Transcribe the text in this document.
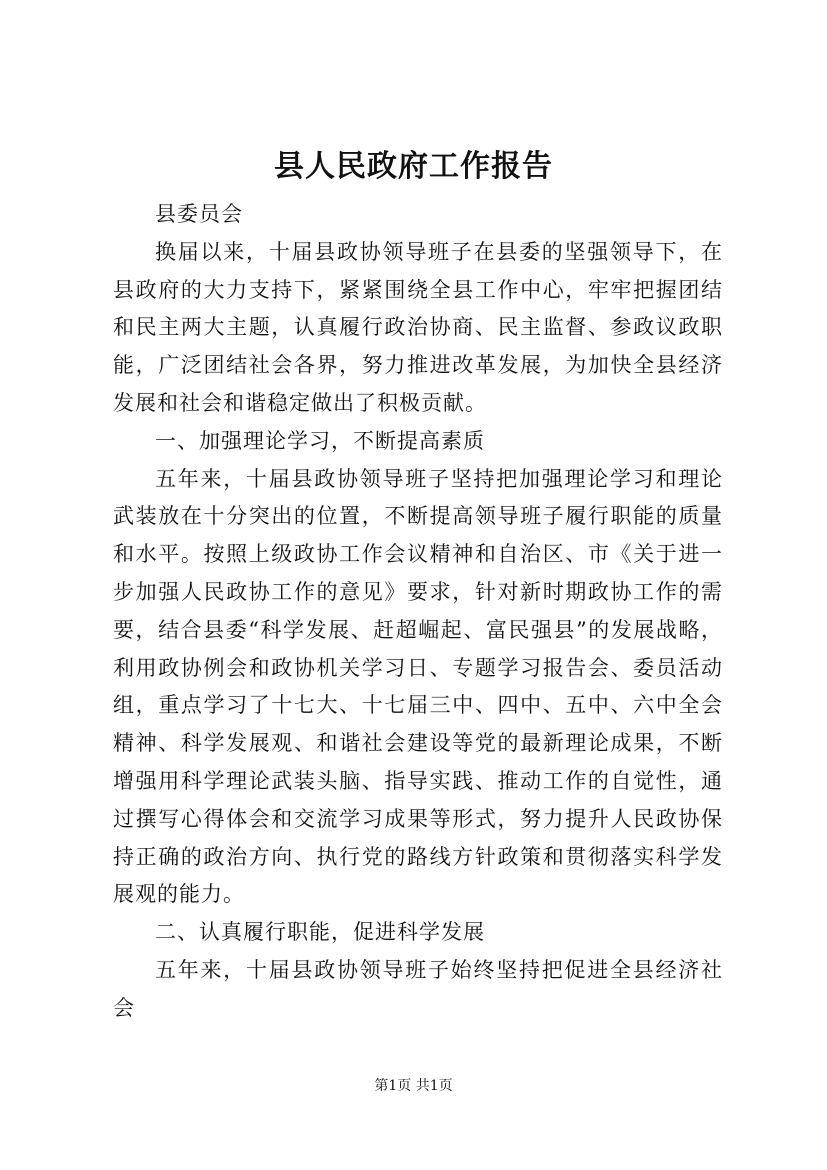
县人民政府工作报告

县委员会

换届以来，十届县政协领导班子在县委的坚强领导下，在县政府的大力支持下，紧紧围绕全县工作中心，牢牢把握团结和民主两大主题，认真履行政治协商、民主监督、参政议政职能，广泛团结社会各界，努力推进改革发展，为加快全县经济发展和社会和谐稳定做出了积极贡献。

一、加强理论学习，不断提高素质

五年来，十届县政协领导班子坚持把加强理论学习和理论武装放在十分突出的位置，不断提高领导班子履行职能的质量和水平。按照上级政协工作会议精神和自治区、市《关于进一步加强人民政协工作的意见》要求，针对新时期政协工作的需要，结合县委“科学发展、赶超崛起、富民强县”的发展战略，利用政协例会和政协机关学习日、专题学习报告会、委员活动组，重点学习了十七大、十七届三中、四中、五中、六中全会精神、科学发展观、和谐社会建设等党的最新理论成果，不断增强用科学理论武装头脑、指导实践、推动工作的自觉性，通过撰写心得体会和交流学习成果等形式，努力提升人民政协保持正确的政治方向、执行党的路线方针政策和贯彻落实科学发展观的能力。

二、认真履行职能，促进科学发展

五年来，十届县政协领导班子始终坚持把促进全县经济社会

第1页 共1页
